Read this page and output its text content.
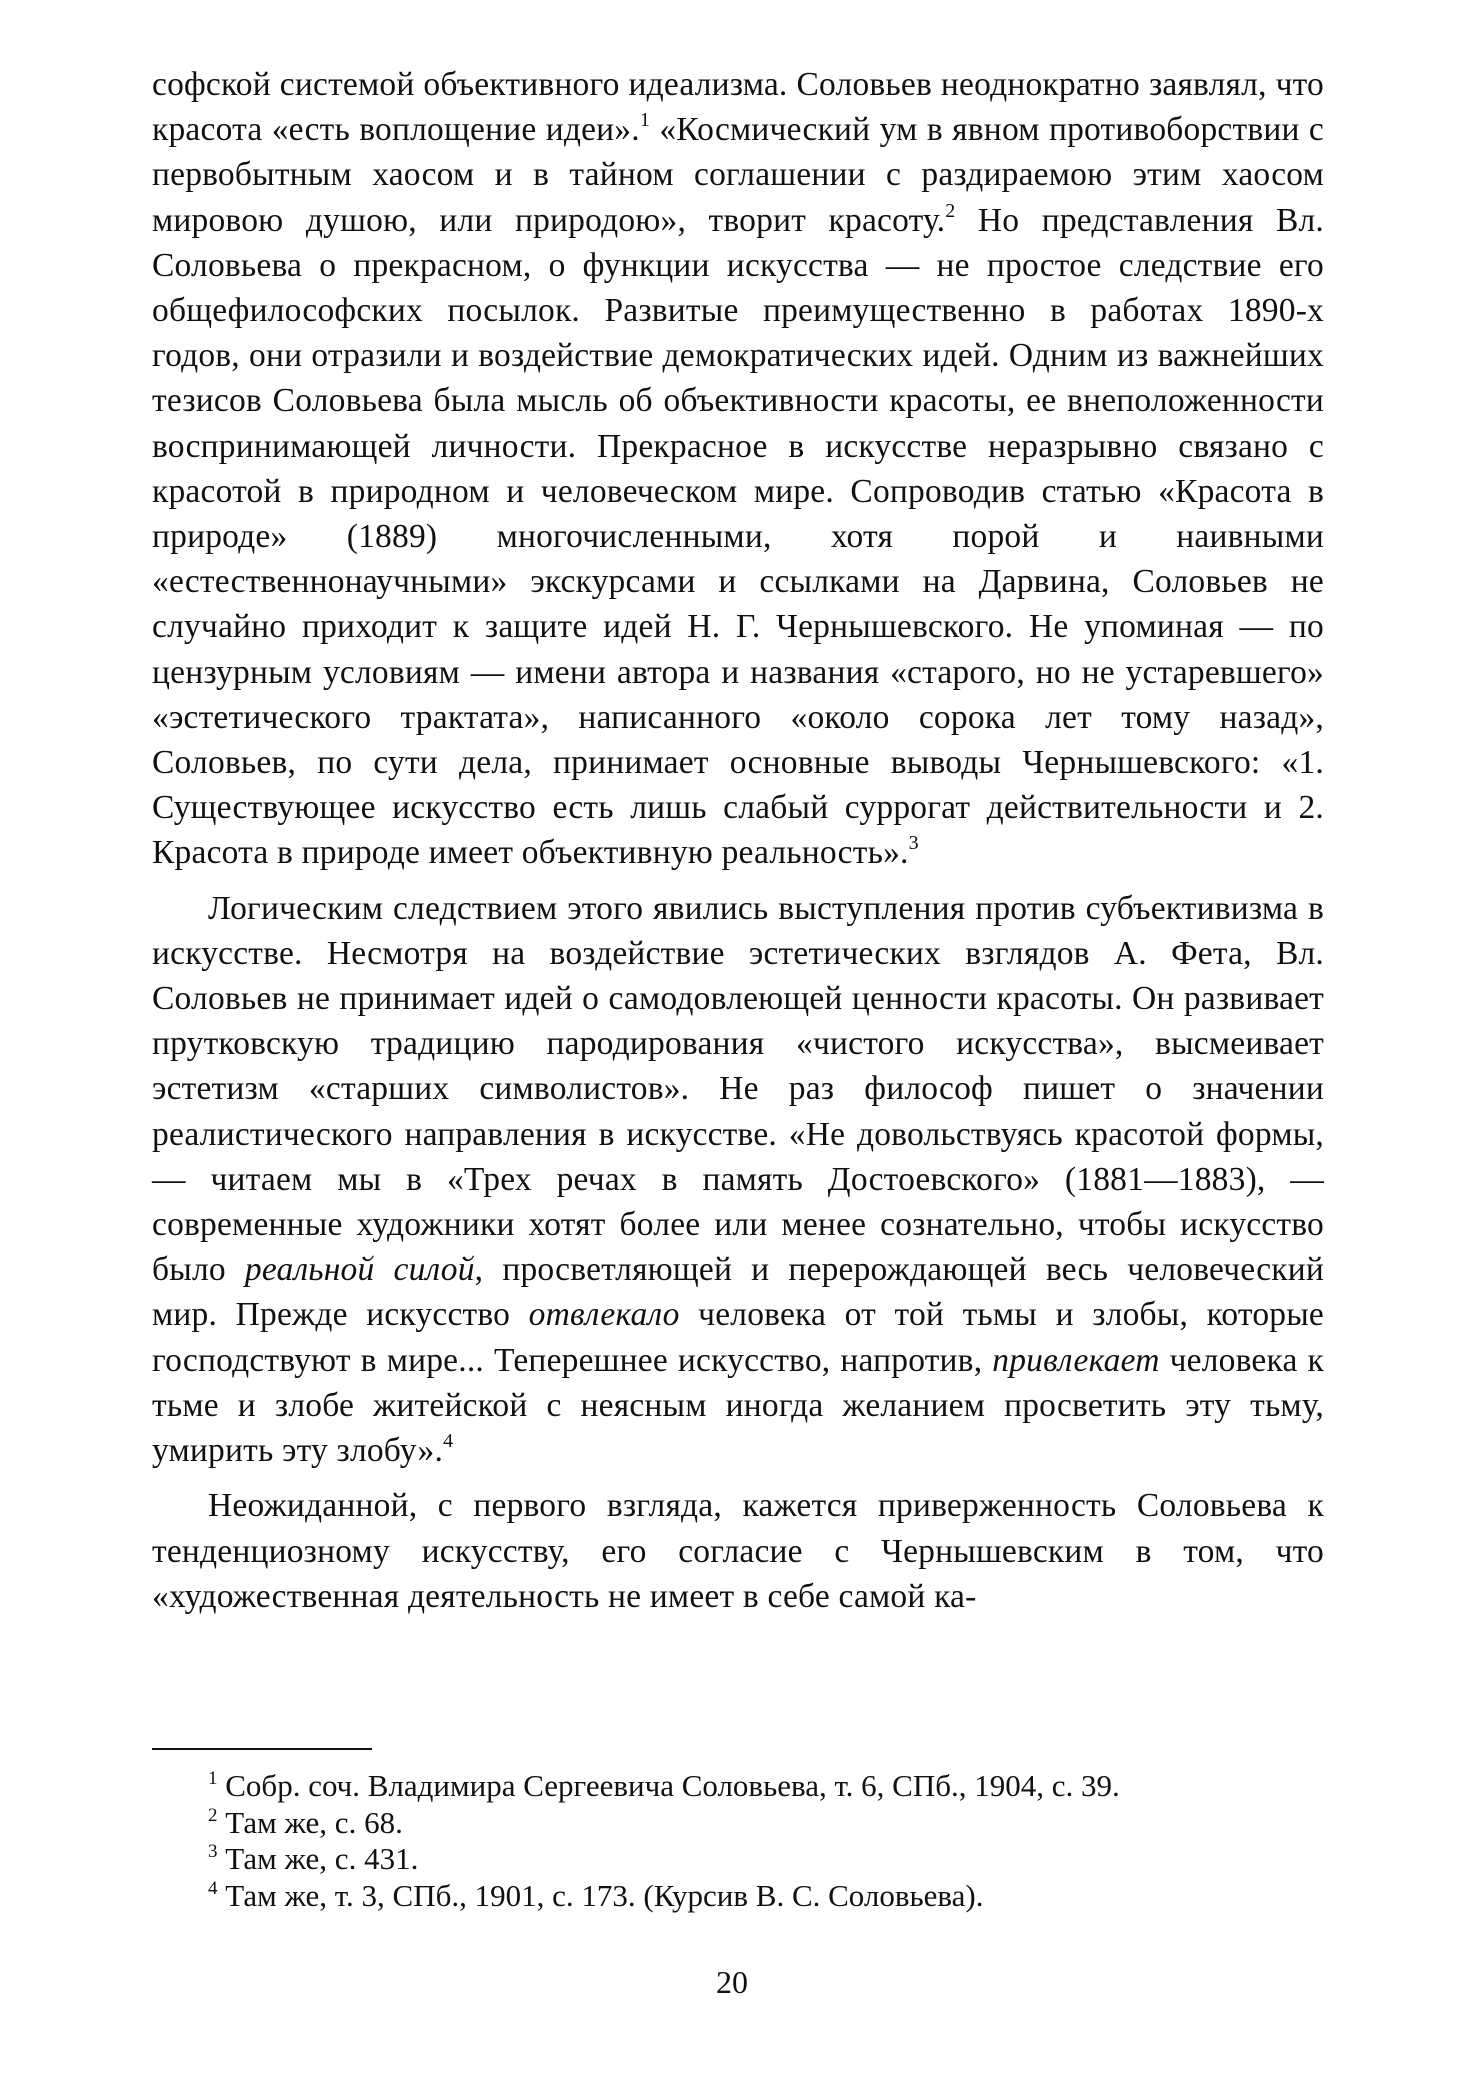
софской системой объективного идеализма. Соловьев неоднократно заявлял, что красота «есть воплощение идеи».$^1$ «Космический ум в явном противоборствии с первобытным хаосом и в тайном соглашении с раздираемою этим хаосом мировою душою, или природою», творит красоту.$^2$ Но представления Вл. Соловьева о прекрасном, о функции искусства — не простое следствие его общефилософских посылок. Развитые преимущественно в работах 1890-х годов, они отразили и воздействие демократических идей. Одним из важнейших тезисов Соловьева была мысль об объективности красоты, ее внеположенности воспринимающей личности. Прекрасное в искусстве неразрывно связано с красотой в природном и человеческом мире. Сопроводив статью «Красота в природе» (1889) многочисленными, хотя порой и наивными «естественнонаучными» экскурсами и ссылками на Дарвина, Соловьев не случайно приходит к защите идей Н. Г. Чернышевского. Не упоминая — по цензурным условиям — имени автора и названия «старого, но не устаревшего» «эстетического трактата», написанного «около сорока лет тому назад», Соловьев, по сути дела, принимает основные выводы Чернышевского: «1. Существующее искусство есть лишь слабый суррогат действительности и 2. Красота в природе имеет объективную реальность».$^3$

Логическим следствием этого явились выступления против субъективизма в искусстве. Несмотря на воздействие эстетических взглядов А. Фета, Вл. Соловьев не принимает идей о самодовлеющей ценности красоты. Он развивает прутковскую традицию пародирования «чистого искусства», высмеивает эстетизм «старших символистов». Не раз философ пишет о значении реалистического направления в искусстве. «Не довольствуясь красотой формы, — читаем мы в «Трех речах в память Достоевского» (1881—1883), — современные художники хотят более или менее сознательно, чтобы искусство было реальной силой, просветляющей и перерождающей весь человеческий мир. Прежде искусство отвлекало человека от той тьмы и злобы, которые господствуют в мире... Теперешнее искусство, напротив, привлекает человека к тьме и злобе житейской с неясным иногда желанием просветить эту тьму, умирить эту злобу».$^4$

Неожиданной, с первого взгляда, кажется приверженность Соловьева к тенденциозному искусству, его согласие с Чернышевским в том, что «художественная деятельность не имеет в себе самой ка-

$^1$ Собр. соч. Владимира Сергеевича Соловьева, т. 6, СПб., 1904, с. 39.

$^2$ Там же, с. 68.

$^3$ Там же, с. 431.

$^4$ Там же, т. 3, СПб., 1901, с. 173. (Курсив В. С. Соловьева).

20
